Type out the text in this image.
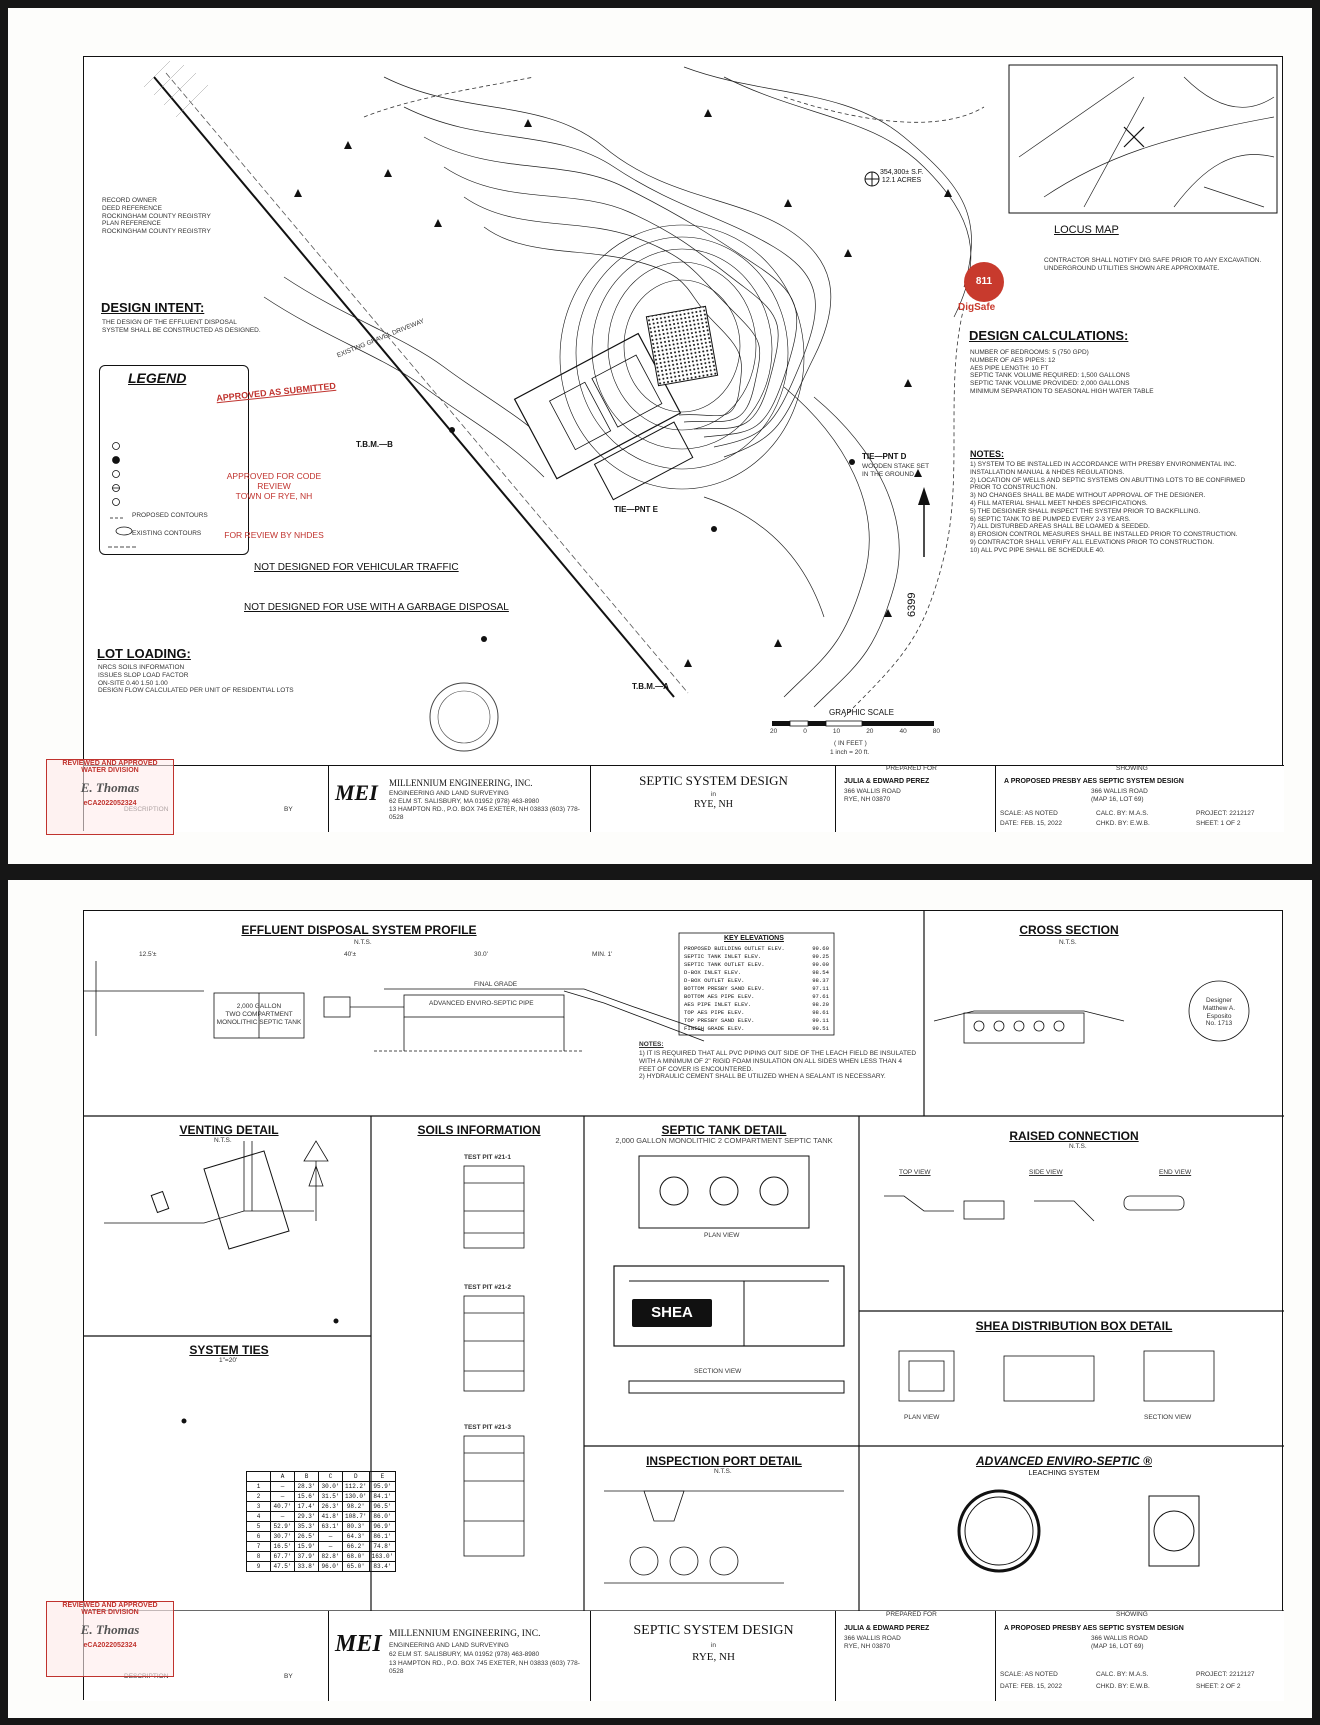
RECORD OWNER
DEED REFERENCE
ROCKINGHAM COUNTY REGISTRY
PLAN REFERENCE
ROCKINGHAM COUNTY REGISTRY
DESIGN INTENT:
THE DESIGN OF THE EFFLUENT DISPOSAL SYSTEM SHALL BE CONSTRUCTED AS DESIGNED.
LEGEND
PROPOSED CONTOURS
EXISTING CONTOURS
LOT LOADING:
NRCS SOILS INFORMATION
ISSUES SLOP LOAD FACTOR
ON-SITE 0.40 1.50 1.00
DESIGN FLOW CALCULATED PER UNIT OF RESIDENTIAL LOTS
APPROVED AS SUBMITTED
APPROVED FOR CODE REVIEW
TOWN OF RYE, NH
FOR REVIEW BY NHDES
NOT DESIGNED FOR VEHICULAR TRAFFIC
NOT DESIGNED FOR USE WITH A GARBAGE DISPOSAL
T.B.M.—B
T.B.M.—A
TIE—PNT E
TIE—PNT D
WOODEN STAKE SET IN THE GROUND
354,300± S.F.
12.1 ACRES
EXISTING GRAVEL DRIVEWAY
6399
LOCUS MAP
811
DigSafe
CONTRACTOR SHALL NOTIFY DIG SAFE PRIOR TO ANY EXCAVATION. UNDERGROUND UTILITIES SHOWN ARE APPROXIMATE.
DESIGN CALCULATIONS:
NUMBER OF BEDROOMS: 5 (750 GPD)
NUMBER OF AES PIPES: 12
AES PIPE LENGTH: 10 FT
SEPTIC TANK VOLUME REQUIRED: 1,500 GALLONS
SEPTIC TANK VOLUME PROVIDED: 2,000 GALLONS
MINIMUM SEPARATION TO SEASONAL HIGH WATER TABLE
NOTES:
1) SYSTEM TO BE INSTALLED IN ACCORDANCE WITH PRESBY ENVIRONMENTAL INC. INSTALLATION MANUAL & NHDES REGULATIONS.
2) LOCATION OF WELLS AND SEPTIC SYSTEMS ON ABUTTING LOTS TO BE CONFIRMED PRIOR TO CONSTRUCTION.
3) NO CHANGES SHALL BE MADE WITHOUT APPROVAL OF THE DESIGNER.
4) FILL MATERIAL SHALL MEET NHDES SPECIFICATIONS.
5) THE DESIGNER SHALL INSPECT THE SYSTEM PRIOR TO BACKFILLING.
6) SEPTIC TANK TO BE PUMPED EVERY 2-3 YEARS.
7) ALL DISTURBED AREAS SHALL BE LOAMED & SEEDED.
8) EROSION CONTROL MEASURES SHALL BE INSTALLED PRIOR TO CONSTRUCTION.
9) CONTRACTOR SHALL VERIFY ALL ELEVATIONS PRIOR TO CONSTRUCTION.
10) ALL PVC PIPE SHALL BE SCHEDULE 40.
GRAPHIC SCALE
20	0	10	20	40	80
( IN FEET )
1 inch = 20 ft.
BY
MEI MILLENNIUM ENGINEERING, INC.
ENGINEERING AND LAND SURVEYING
62 ELM ST. SALISBURY, MA 01952 (978) 463-8980
13 HAMPTON RD., P.O. BOX 745 EXETER, NH 03833 (603) 778-0528
SEPTIC SYSTEM DESIGN
in
RYE, NH
PREPARED FOR
JULIA & EDWARD PEREZ
366 WALLIS ROAD
RYE, NH 03870
SHOWING
A PROPOSED PRESBY AES SEPTIC SYSTEM DESIGN
366 WALLIS ROAD
(MAP 16, LOT 69)
SCALE: AS NOTED
DATE: FEB. 15, 2022
CALC. BY: M.A.S.
CHKD. BY: E.W.B.
PROJECT: 2212127
SHEET: 1 OF 2
REVIEWED AND APPROVED
WATER DIVISION
E. Thomas
eCA2022052324
EFFLUENT DISPOSAL SYSTEM PROFILE
N.T.S.
12.5'±	40'±	30.0'	MIN. 1'
2,000 GALLON
TWO COMPARTMENT
MONOLITHIC SEPTIC TANK
ADVANCED ENVIRO-SEPTIC PIPE
FINAL GRADE
KEY ELEVATIONS
PROPOSED BUILDING OUTLET ELEV.	99.60
SEPTIC TANK INLET ELEV.	99.25
SEPTIC TANK OUTLET ELEV.	99.00
D-BOX INLET ELEV.	98.54
D-BOX OUTLET ELEV.	98.37
BOTTOM PRESBY SAND ELEV.	97.11
BOTTOM AES PIPE ELEV.	97.61
AES PIPE INLET ELEV.	98.20
TOP AES PIPE ELEV.	98.61
TOP PRESBY SAND ELEV.	99.11
FINISH GRADE ELEV.	99.51
NOTES:
1) IT IS REQUIRED THAT ALL PVC PIPING OUT SIDE OF THE LEACH FIELD BE INSULATED WITH A MINIMUM OF 2" RIGID FOAM INSULATION ON ALL SIDES WHEN LESS THAN 4 FEET OF COVER IS ENCOUNTERED.
2) HYDRAULIC CEMENT SHALL BE UTILIZED WHEN A SEALANT IS NECESSARY.
CROSS SECTION
N.T.S.
Designer
Matthew A. Esposito
No. 1713
VENTING DETAIL
N.T.S.
SYSTEM TIES
1"=20'
	A	B	C	D	E
1	—	28.3'	30.0'	112.2'	95.9'
2	—	15.6'	31.5'	130.0'	84.1'
3	40.7'	17.4'	26.3'	98.2'	96.5'
4	—	29.3'	41.8'	108.7'	86.0'
5	52.9'	35.3'	63.1'	80.3'	96.9'
6	30.7'	26.5'	—	64.3'	86.1'
7	16.5'	15.9'	—	66.2'	74.8'
8	67.7'	37.9'	82.8'	68.0'	163.0'
9	47.5'	33.8'	96.0'	65.0'	83.4'
SOILS INFORMATION
TEST PIT #21-1
TEST PIT #21-2
TEST PIT #21-3
SEPTIC TANK DETAIL
2,000 GALLON MONOLITHIC 2 COMPARTMENT SEPTIC TANK
PLAN VIEW
SECTION VIEW
SHEA
RAISED CONNECTION
N.T.S.
TOP VIEW	SIDE VIEW	END VIEW
SHEA DISTRIBUTION BOX DETAIL
PLAN VIEW	SECTION VIEW
INSPECTION PORT DETAIL
N.T.S.
ADVANCED ENVIRO-SEPTIC ®
LEACHING SYSTEM
BY
MEI MILLENNIUM ENGINEERING, INC.
ENGINEERING AND LAND SURVEYING
62 ELM ST. SALISBURY, MA 01952 (978) 463-8980
13 HAMPTON RD., P.O. BOX 745 EXETER, NH 03833 (603) 778-0528
SEPTIC SYSTEM DESIGN
in
RYE, NH
PREPARED FOR
JULIA & EDWARD PEREZ
366 WALLIS ROAD
RYE, NH 03870
SHOWING
A PROPOSED PRESBY AES SEPTIC SYSTEM DESIGN
366 WALLIS ROAD
(MAP 16, LOT 69)
SCALE: AS NOTED
DATE: FEB. 15, 2022
CALC. BY: M.A.S.
CHKD. BY: E.W.B.
PROJECT: 2212127
SHEET: 2 OF 2
REVIEWED AND APPROVED
WATER DIVISION
E. Thomas
eCA2022052324
